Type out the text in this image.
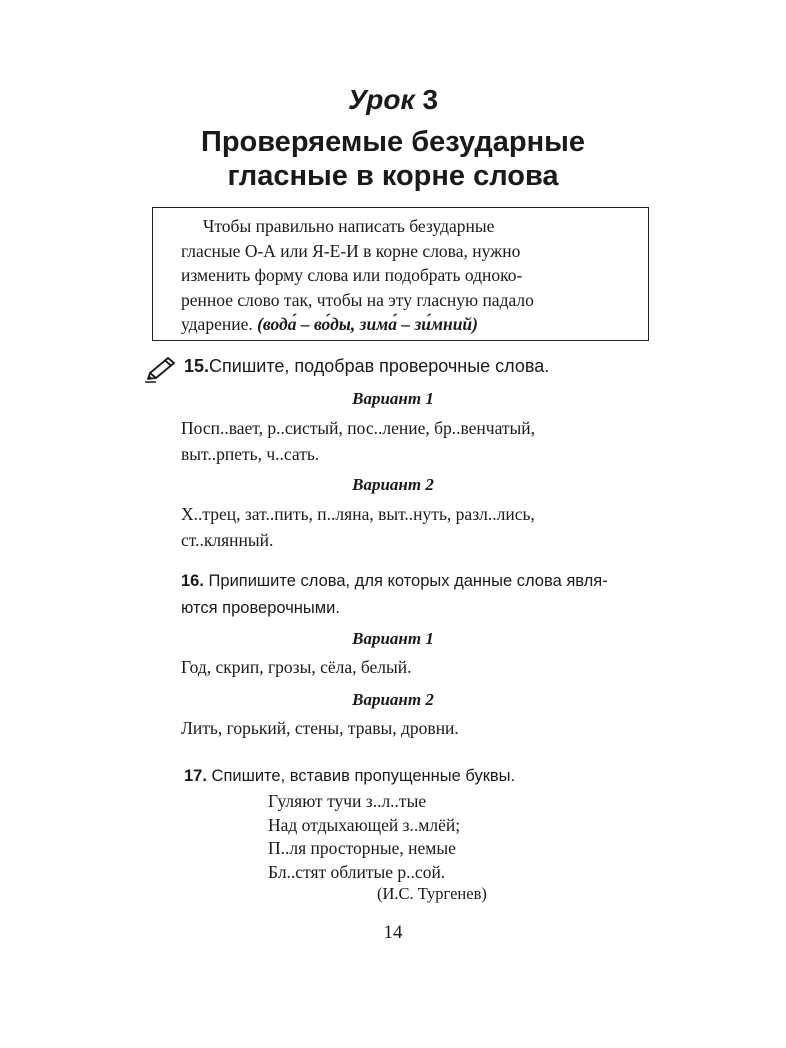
Урок 3
Проверяемые безударные
гласные в корне слова
Чтобы правильно написать безударные
гласные О-А или Я-Е-И в корне слова, нужно
изменить форму слова или подобрать одноко-
ренное слово так, чтобы на эту гласную падало
ударение. (вода́ – во́ды, зима́ – зи́мний)
15.Спишите, подобрав проверочные слова.
Вариант 1
Посп..вает, р..систый, пос..ление, бр..венчатый,
выт..рпеть, ч..сать.
Вариант 2
Х..трец, зат..пить, п..ляна, выт..нуть, разл..лись,
ст..клянный.
16. Припишите слова, для которых данные слова явля-
ются проверочными.
Вариант 1
Год, скрип, грозы, сёла, белый.
Вариант 2
Лить, горький, стены, травы, дровни.
17. Спишите, вставив пропущенные буквы.
Гуляют тучи з..л..тые
Над отдыхающей з..млёй;
П..ля просторные, немые
Бл..стят облитые р..сой.
(И.С. Тургенев)
14
